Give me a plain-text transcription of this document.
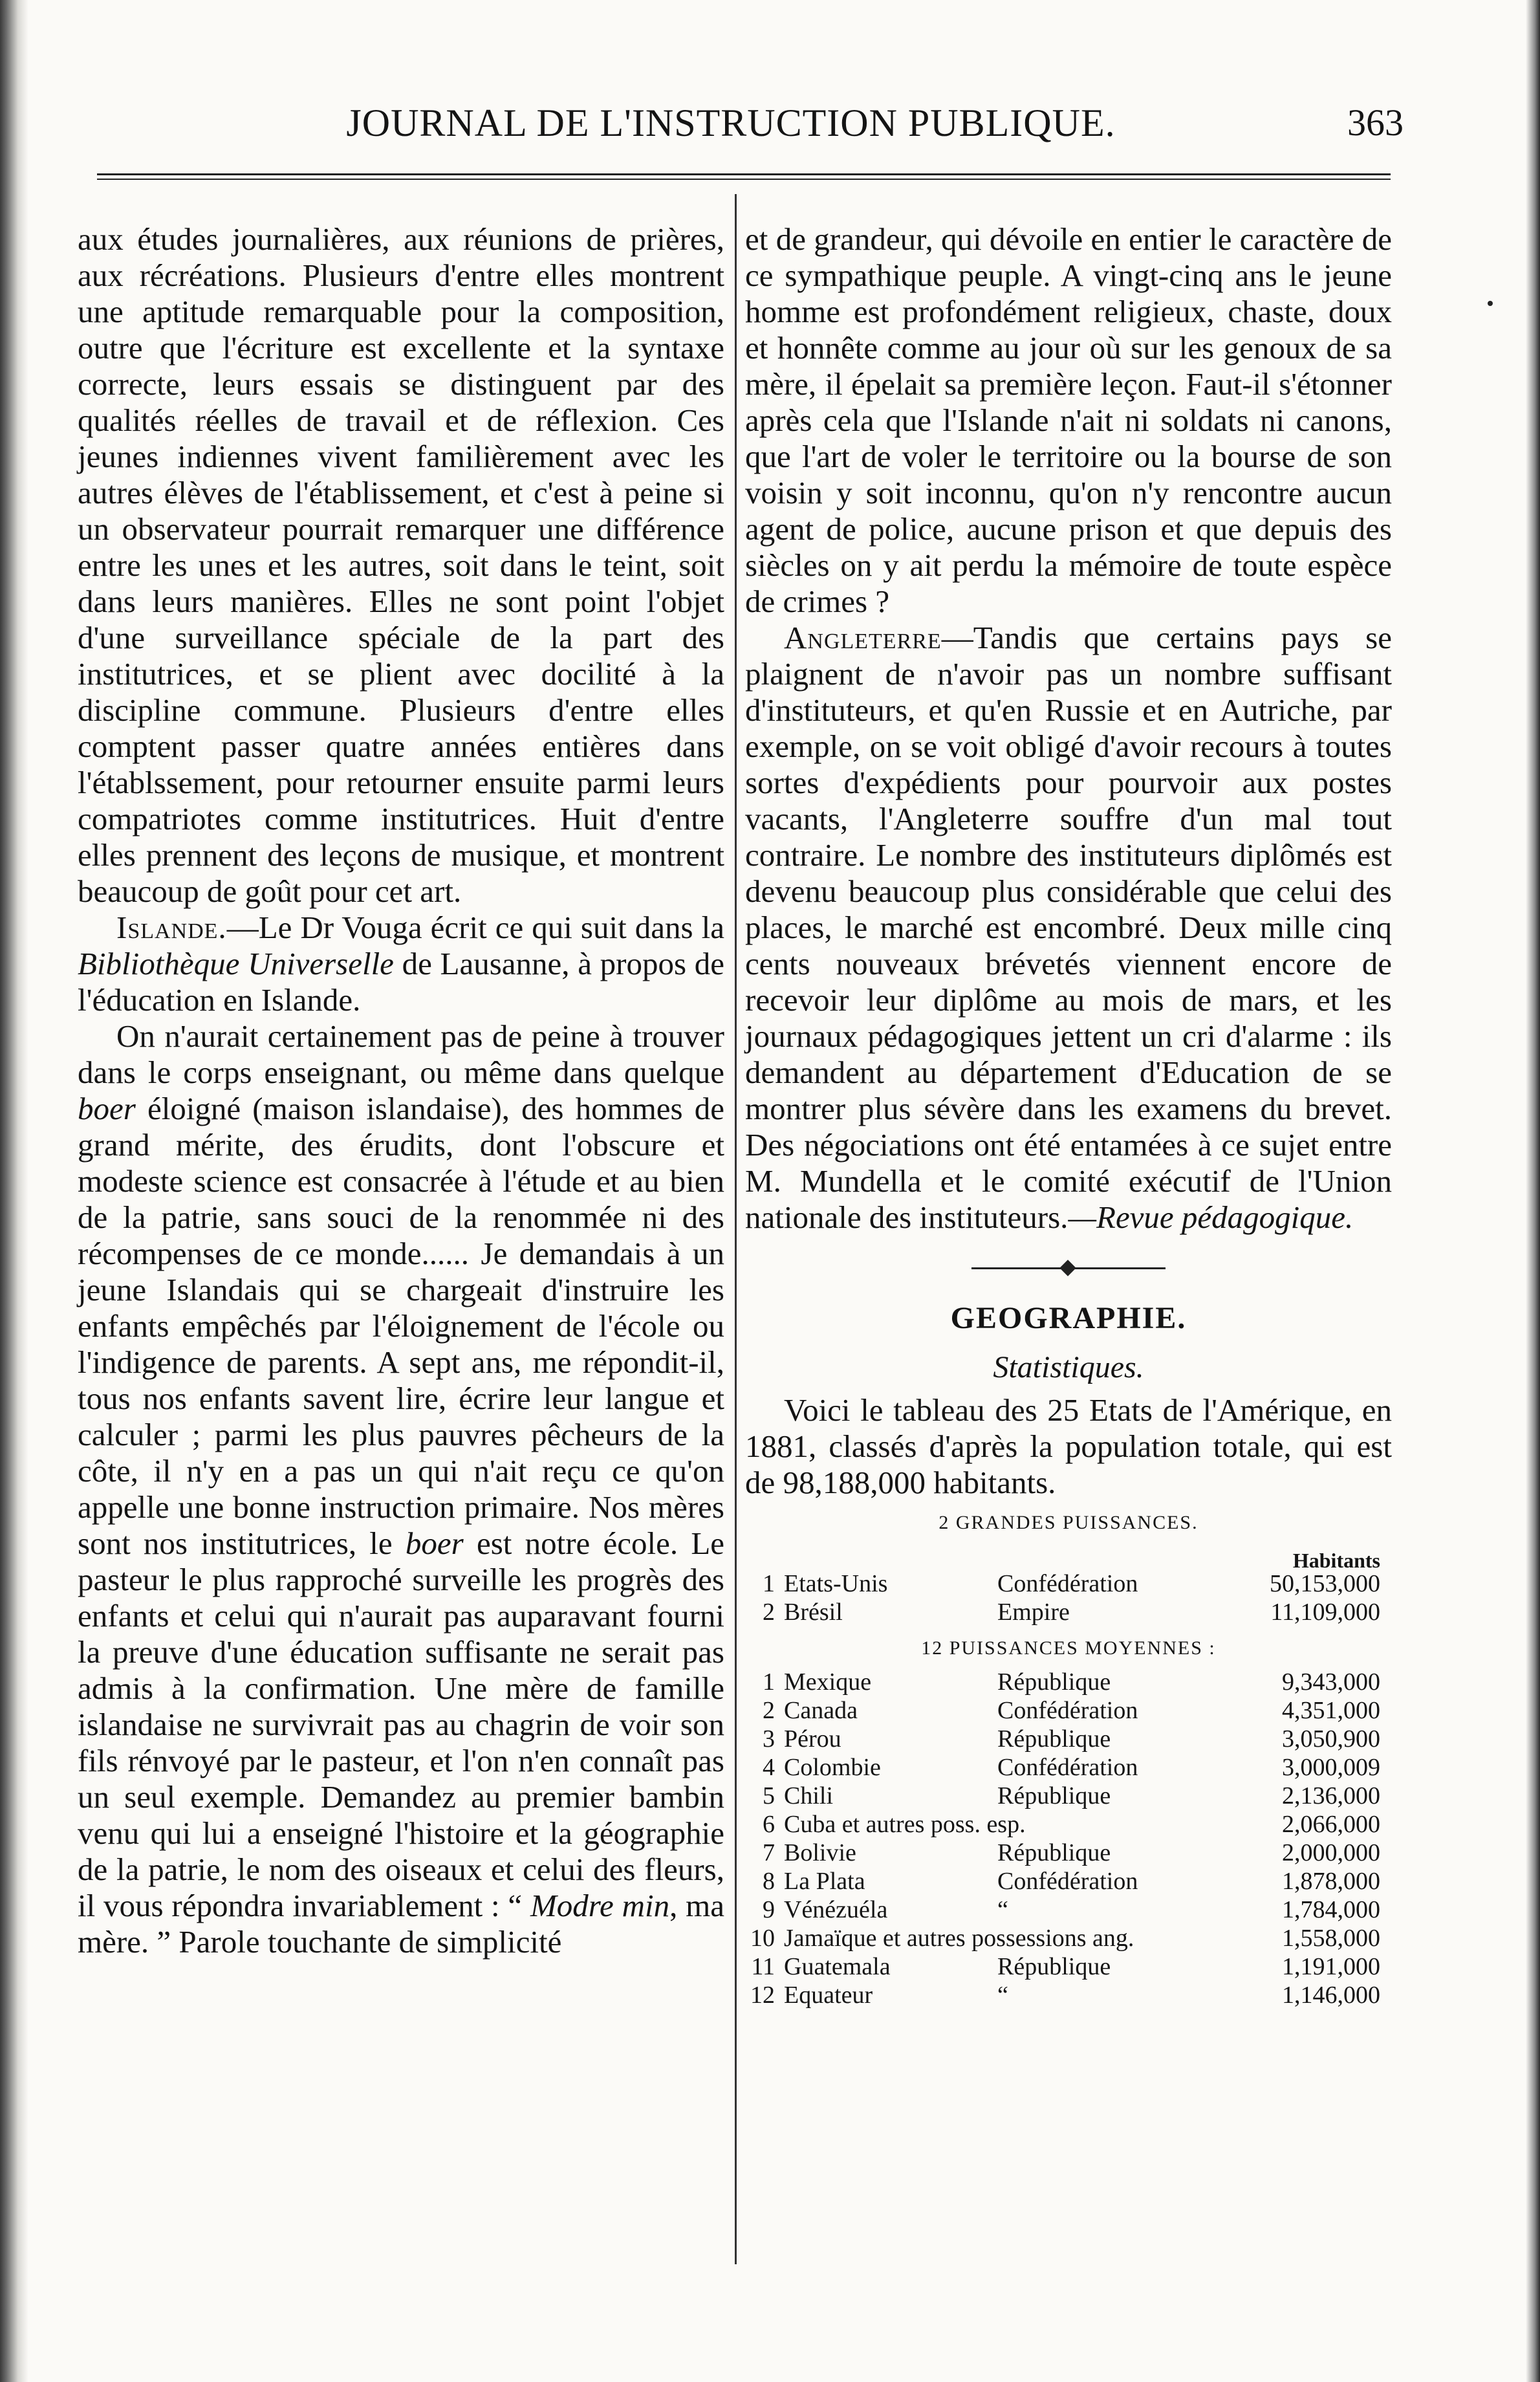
JOURNAL DE L'INSTRUCTION PUBLIQUE.	363

aux études journalières, aux réunions de prières, aux récréations. Plusieurs d'entre elles montrent une aptitude remarquable pour la composition, outre que l'écriture est excellente et la syntaxe correcte, leurs essais se distinguent par des qualités réelles de travail et de réflexion. Ces jeunes indiennes vivent familièrement avec les autres élèves de l'établissement, et c'est à peine si un observateur pourrait remarquer une différence entre les unes et les autres, soit dans le teint, soit dans leurs manières. Elles ne sont point l'objet d'une surveillance spéciale de la part des institutrices, et se plient avec docilité à la discipline commune. Plusieurs d'entre elles comptent passer quatre années entières dans l'établssement, pour retourner ensuite parmi leurs compatriotes comme institutrices. Huit d'entre elles prennent des leçons de musique, et montrent beaucoup de goût pour cet art.

Islande.—Le Dr Vouga écrit ce qui suit dans la Bibliothèque Universelle de Lausanne, à propos de l'éducation en Islande.

On n'aurait certainement pas de peine à trouver dans le corps enseignant, ou même dans quelque boer éloigné (maison islandaise), des hommes de grand mérite, des érudits, dont l'obscure et modeste science est consacrée à l'étude et au bien de la patrie, sans souci de la renommée ni des récompenses de ce monde...... Je demandais à un jeune Islandais qui se chargeait d'instruire les enfants empêchés par l'éloignement de l'école ou l'indigence de parents. A sept ans, me répondit-il, tous nos enfants savent lire, écrire leur langue et calculer ; parmi les plus pauvres pêcheurs de la côte, il n'y en a pas un qui n'ait reçu ce qu'on appelle une bonne instruction primaire. Nos mères sont nos institutrices, le boer est notre école. Le pasteur le plus rapproché surveille les progrès des enfants et celui qui n'aurait pas auparavant fourni la preuve d'une éducation suffisante ne serait pas admis à la confirmation. Une mère de famille islandaise ne survivrait pas au chagrin de voir son fils rénvoyé par le pasteur, et l'on n'en connaît pas un seul exemple. Demandez au premier bambin venu qui lui a enseigné l'histoire et la géographie de la patrie, le nom des oiseaux et celui des fleurs, il vous répondra invariablement : “ Modre min, ma mère. ” Parole touchante de simplicité

et de grandeur, qui dévoile en entier le caractère de ce sympathique peuple. A vingt-cinq ans le jeune homme est profondément religieux, chaste, doux et honnête comme au jour où sur les genoux de sa mère, il épelait sa première leçon. Faut-il s'étonner après cela que l'Islande n'ait ni soldats ni canons, que l'art de voler le territoire ou la bourse de son voisin y soit inconnu, qu'on n'y rencontre aucun agent de police, aucune prison et que depuis des siècles on y ait perdu la mémoire de toute espèce de crimes ?

Angleterre—Tandis que certains pays se plaignent de n'avoir pas un nombre suffisant d'instituteurs, et qu'en Russie et en Autriche, par exemple, on se voit obligé d'avoir recours à toutes sortes d'expédients pour pourvoir aux postes vacants, l'Angleterre souffre d'un mal tout contraire. Le nombre des instituteurs diplômés est devenu beaucoup plus considérable que celui des places, le marché est encombré. Deux mille cinq cents nouveaux brévetés viennent encore de recevoir leur diplôme au mois de mars, et les journaux pédagogiques jettent un cri d'alarme : ils demandent au département d'Education de se montrer plus sévère dans les examens du brevet. Des négociations ont été entamées à ce sujet entre M. Mundella et le comité exécutif de l'Union nationale des instituteurs.—Revue pédagogique.

GEOGRAPHIE.
Statistiques.

Voici le tableau des 25 Etats de l'Amérique, en 1881, classés d'après la population totale, qui est de 98,188,000 habitants.

2 GRANDES PUISSANCES.
Habitants
1	Etats-Unis	Confédération	50,153,000
2	Brésil	Empire	11,109,000
12 PUISSANCES MOYENNES :
1	Mexique	République	9,343,000
2	Canada	Confédération	4,351,000
3	Pérou	République	3,050,900
4	Colombie	Confédération	3,000,009
5	Chili	République	2,136,000
6	Cuba et autres poss. esp.		2,066,000
7	Bolivie	République	2,000,000
8	La Plata	Confédération	1,878,000
9	Vénézuéla	“	1,784,000
10	Jamaïque et autres possessions ang.		1,558,000
11	Guatemala	République	1,191,000
12	Equateur	“	1,146,000
